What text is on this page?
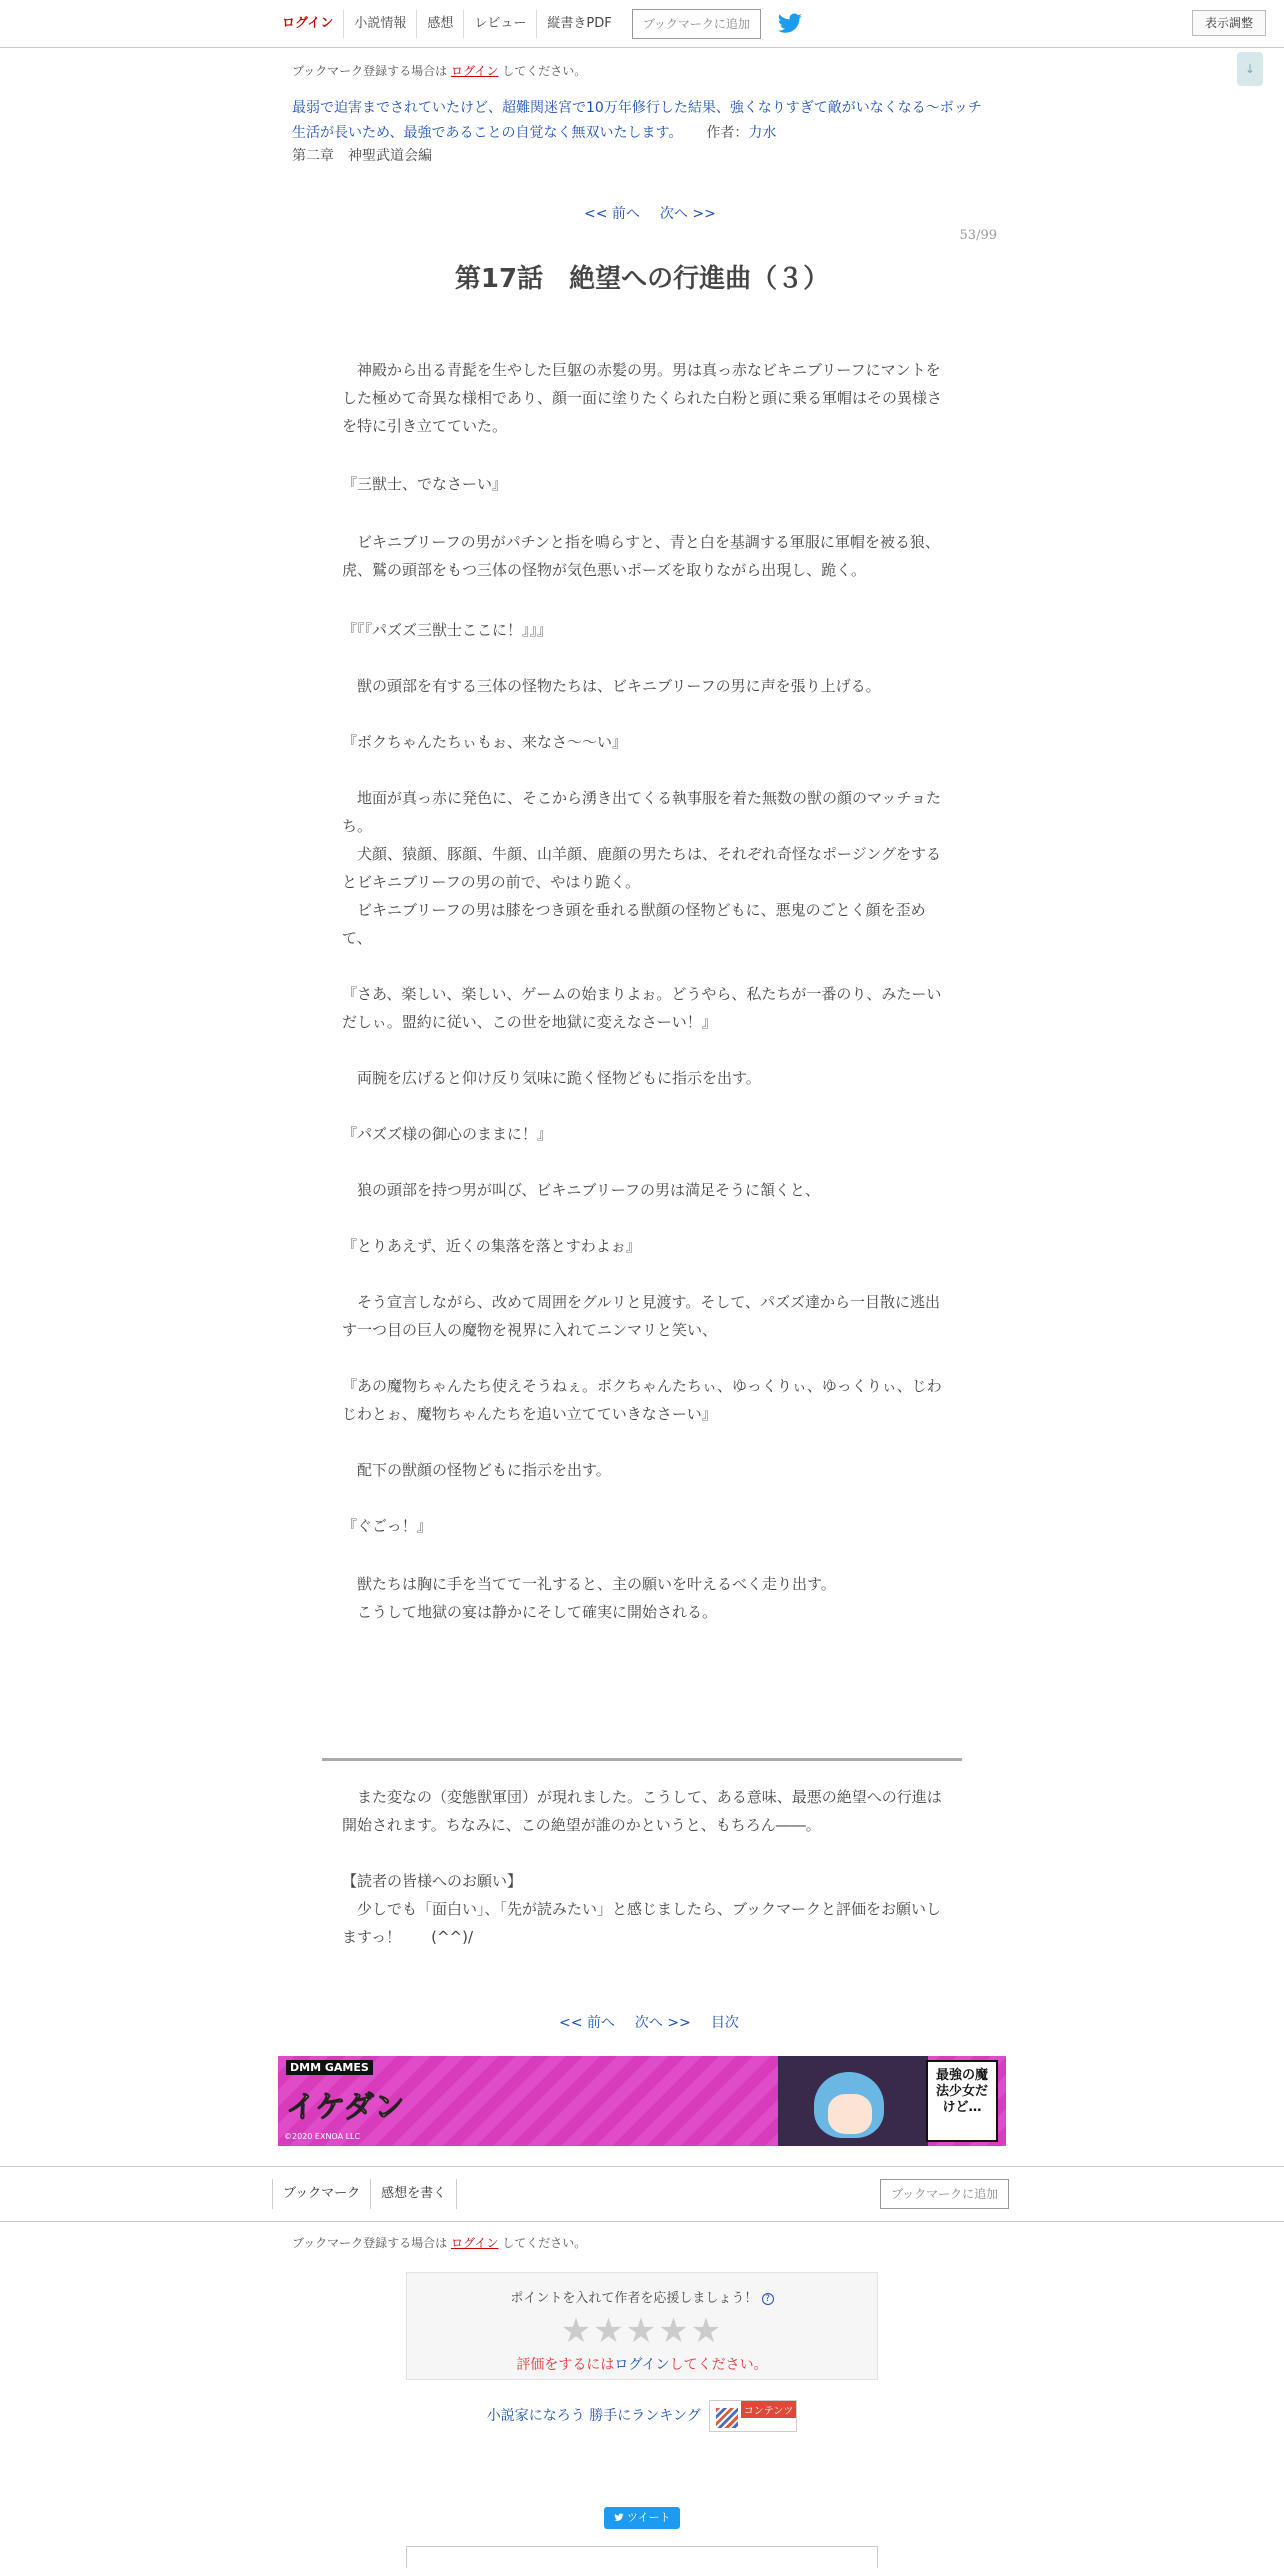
ログイン	小説情報	感想	レビュー	縦書きPDF	ブックマークに追加	表示調整
↓
ブックマーク登録する場合は ログイン してください。
最弱で迫害までされていたけど、超難関迷宮で10万年修行した結果、強くなりすぎて敵がいなくなる～ボッチ生活が長いため、最強であることの自覚なく無双いたします。 作者：力水
第二章　神聖武道会編
<< 前へ 次へ >>
53/99
第17話　絶望への行進曲（３）

　神殿から出る青髭を生やした巨躯の赤髪の男。男は真っ赤なビキニブリーフにマントをした極めて奇異な様相であり、顔一面に塗りたくられた白粉と頭に乗る軍帽はその異様さを特に引き立てていた。

『三獣士、でなさーい』

　ビキニブリーフの男がパチンと指を鳴らすと、青と白を基調する軍服に軍帽を被る狼、虎、鷲の頭部をもつ三体の怪物が気色悪いポーズを取りながら出現し、跪く。

『『『パズズ三獣士ここに！』』』

　獣の頭部を有する三体の怪物たちは、ビキニブリーフの男に声を張り上げる。

『ボクちゃんたちぃもぉ、来なさ～～い』

　地面が真っ赤に発色に、そこから湧き出てくる執事服を着た無数の獣の顔のマッチョたち。
　犬顔、猿顔、豚顔、牛顔、山羊顔、鹿顔の男たちは、それぞれ奇怪なポージングをするとビキニブリーフの男の前で、やはり跪く。
　ビキニブリーフの男は膝をつき頭を垂れる獣顔の怪物どもに、悪鬼のごとく顔を歪めて、

『さあ、楽しい、楽しい、ゲームの始まりよぉ。どうやら、私たちが一番のり、みたーいだしぃ。盟約に従い、この世を地獄に変えなさーい！』

　両腕を広げると仰け反り気味に跪く怪物どもに指示を出す。

『パズズ様の御心のままに！』

　狼の頭部を持つ男が叫び、ビキニブリーフの男は満足そうに頷くと、

『とりあえず、近くの集落を落とすわよぉ』

　そう宣言しながら、改めて周囲をグルリと見渡す。そして、パズズ達から一目散に逃出す一つ目の巨人の魔物を視界に入れてニンマリと笑い、

『あの魔物ちゃんたち使えそうねぇ。ボクちゃんたちぃ、ゆっくりぃ、ゆっくりぃ、じわじわとぉ、魔物ちゃんたちを追い立てていきなさーい』

　配下の獣顔の怪物どもに指示を出す。

『ぐごっ！』

　獣たちは胸に手を当てて一礼すると、主の願いを叶えるべく走り出す。
　こうして地獄の宴は静かにそして確実に開始される。

　また変なの（変態獣軍団）が現れました。こうして、ある意味、最悪の絶望への行進は開始されます。ちなみに、この絶望が誰のかというと、もちろん――。

【読者の皆様へのお願い】
　少しでも「面白い」、「先が読みたい」と感じましたら、ブックマークと評価をお願いしますっ！　　(^^)/

<< 前へ 次へ >> 目次
DMM GAMES
イケダン
©2020 EXNOA LLC
最強の魔法少女だけど…
ブックマーク	感想を書く	ブックマークに追加
ブックマーク登録する場合は ログイン してください。
ポイントを入れて作者を応援しましょう！ ?
★★★★★
評価をするにはログインしてください。
小説家になろう 勝手にランキング	コンテンツ
ツイート
